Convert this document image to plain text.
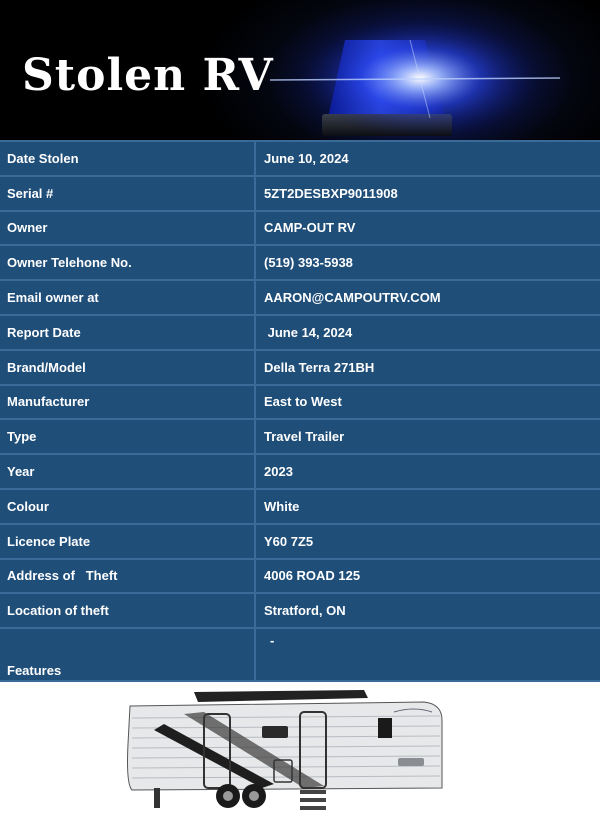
Stolen RV
Date Stolen	June 10, 2024
Serial #	5ZT2DESBXP9011908
Owner	CAMP-OUT RV
Owner Telehone No.	(519) 393-5938
Email owner at	AARON@CAMPOUTRV.COM
Report Date	June 14, 2024
Brand/Model	Della Terra 271BH
Manufacturer	East to West
Type	Travel Trailer
Year	2023
Colour	White
Licence Plate	Y60 7Z5
Address of   Theft	4006 ROAD 125
Location of theft	Stratford, ON
Features	-
